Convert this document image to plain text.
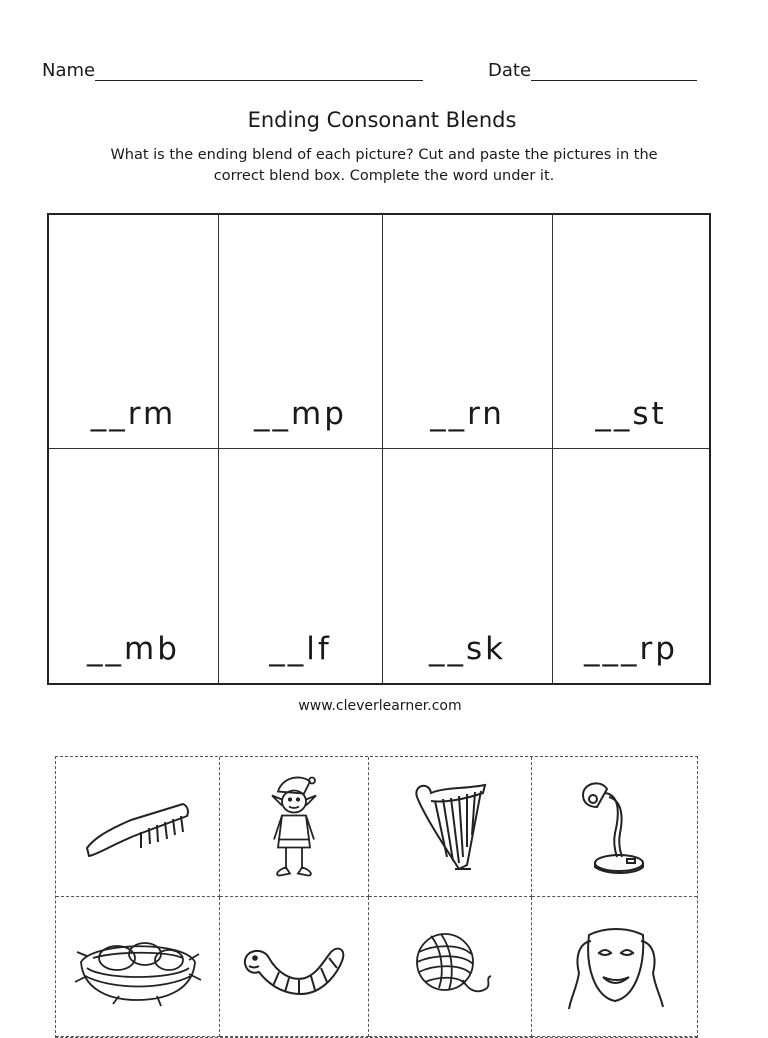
Name	Date
Ending Consonant Blends
What is the ending blend of each picture? Cut and paste the pictures in the correct blend box. Complete the word under it.
__rm	__mp	__rn	__st
__mb	__lf	__sk	___rp
www.cleverlearner.com
